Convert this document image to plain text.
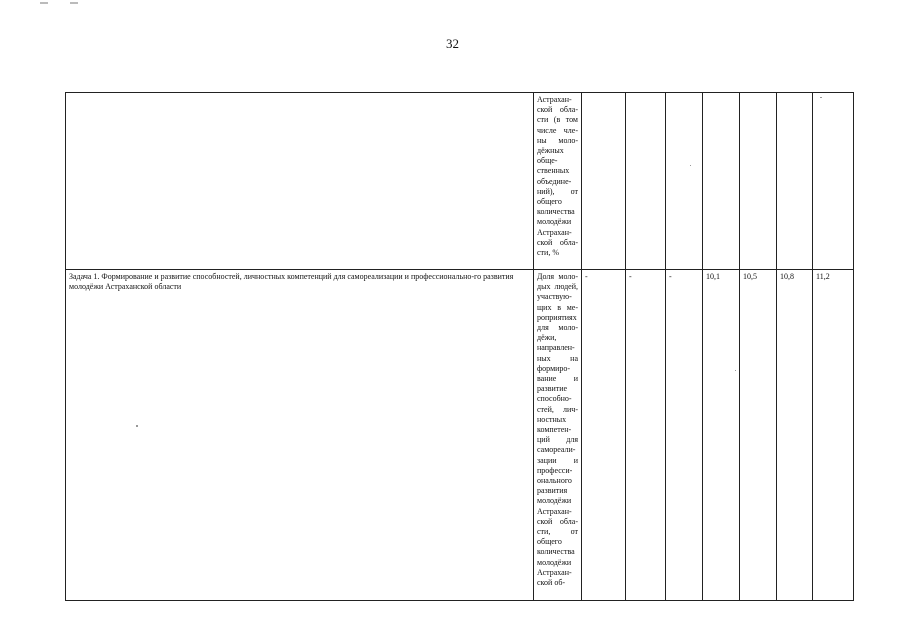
32
	Астрахан-ской обла-сти (в том числе чле-ны моло-дёжных обще-ственных объедине-ний), от общего количества молодёжи Астрахан-ской обла-сти, %							
Задача 1. Формирование и развитие способностей, личностных компетенций для самореализации и профессионально-го развития молодёжи Астраханской области	Доля моло-дых людей, участвую-щих в ме-роприятиях для моло-дёжи, направлен-ных на формиро-вание и развитие способно-стей, лич-ностных компетен-ций для самореали-зации и професси-онального развития молодёжи Астрахан-ской обла-сти, от общего количества молодёжи Астрахан-ской об-	-	-	-	10,1	10,5	10,8	11,2
